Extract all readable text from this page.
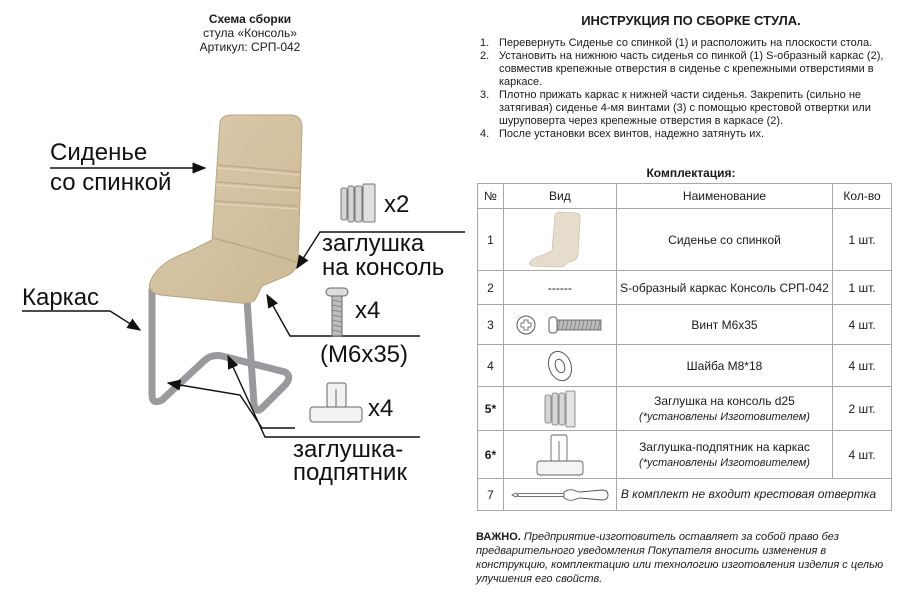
Схема сборки
стула «Консоль»
Артикул: СРП-042
Сиденье
со спинкой
Каркас
x2
заглушка
на консоль
x4
(M6x35)
x4
заглушка-
подпятник
ИНСТРУКЦИЯ ПО СБОРКЕ СТУЛА.
1. Перевернуть Сиденье со спинкой (1) и расположить на плоскости стола.
2. Установить на нижнюю часть сиденья со пинкой (1) S-образный каркас (2), совместив крепежные отверстия в сиденье с крепежными отверстиями в каркасе.
3. Плотно прижать каркас к нижней части сиденья. Закрепить (сильно не затягивая) сиденье 4-мя винтами (3) с помощью крестовой отвертки или шуруповерта через крепежные отверстия в каркасе (2).
4. После установки всех винтов, надежно затянуть их.
Комплектация:
№	Вид	Наименование	Кол-во
1		Сиденье со спинкой	1 шт.
2	------	S-образный каркас Консоль СРП-042	1 шт.
3		Винт М6х35	4 шт.
4		Шайба М8*18	4 шт.
5*		Заглушка на консоль d25
(*установлены Изготовителем)	2 шт.
6*		Заглушка-подпятник на каркас
(*установлены Изготовителем)	4 шт.
7		В комплект не входит крестовая отвертка	
ВАЖНО. Предприятие-изготовитель оставляет за собой право без предварительного уведомления Покупателя вносить изменения в конструкцию, комплектацию или технологию изготовления изделия с целью улучшения его свойств.
